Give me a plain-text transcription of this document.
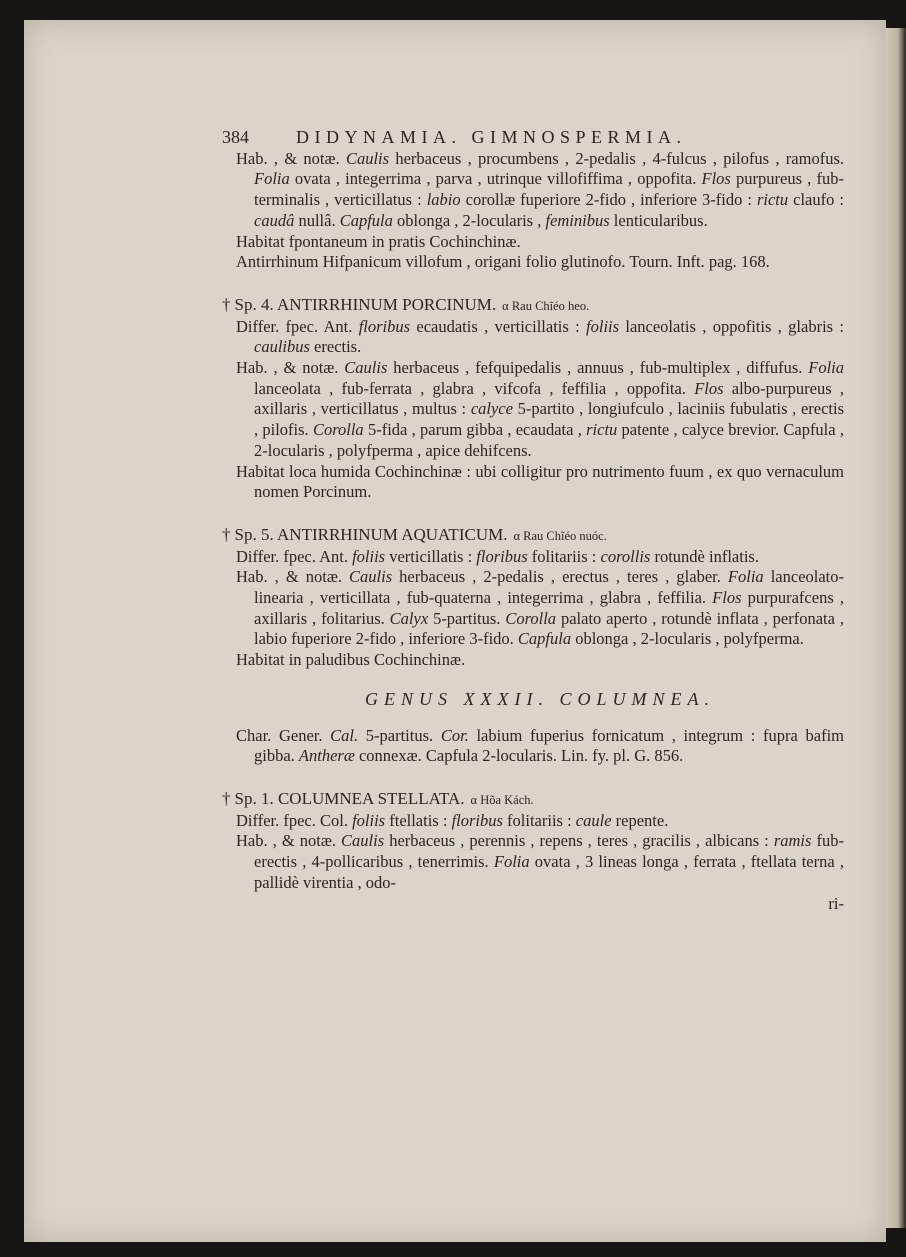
384	DIDYNAMIA. GIMNOSPERMIA.

Hab. , & notæ. Caulis herbaceus , procumbens , 2-pedalis , 4-fulcus , pilofus , ramofus. Folia ovata , integerrima , parva , utrinque villofiffima , oppofita. Flos purpureus , fub-terminalis , verticillatus : labio corollæ fuperiore 2-fido , inferiore 3-fido : rictu claufo : caudâ nullâ. Capfula oblonga , 2-locularis , feminibus lenticularibus.

Habitat fpontaneum in pratis Cochinchinæ.

Antirrhinum Hifpanicum villofum , origani folio glutinofo. Tourn. Inft. pag. 168.

† Sp. 4. ANTIRRHINUM PORCINUM. α Rau Chĩéo heo.

Differ. fpec. Ant. floribus ecaudatis , verticillatis : foliis lanceolatis , oppofitis , glabris : caulibus erectis.

Hab. , & notæ. Caulis herbaceus , fefquipedalis , annuus , fub-multiplex , diffufus. Folia lanceolata , fub-ferrata , glabra , vifcofa , feffilia , oppofita. Flos albo-purpureus , axillaris , verticillatus , multus : calyce 5-partito , longiufculo , laciniis fubulatis , erectis , pilofis. Corolla 5-fida , parum gibba , ecaudata , rictu patente , calyce brevior. Capfula , 2-locularis , polyfperma , apice dehifcens.

Habitat loca humida Cochinchinæ : ubi colligitur pro nutrimento fuum , ex quo vernaculum nomen Porcinum.

† Sp. 5. ANTIRRHINUM AQUATICUM. α Rau Chĩéo nuóc.

Differ. fpec. Ant. foliis verticillatis : floribus folitariis : corollis rotundè inflatis.

Hab. , & notæ. Caulis herbaceus , 2-pedalis , erectus , teres , glaber. Folia lanceolato-linearia , verticillata , fub-quaterna , integerrima , glabra , feffilia. Flos purpurafcens , axillaris , folitarius. Calyx 5-partitus. Corolla palato aperto , rotundè inflata , perfonata , labio fuperiore 2-fido , inferiore 3-fido. Capfula oblonga , 2-locularis , polyfperma.

Habitat in paludibus Cochinchinæ.

GENUS XXXII. COLUMNEA.

Char. Gener. Cal. 5-partitus. Cor. labium fuperius fornicatum , integrum : fupra bafim gibba. Antheræ connexæ. Capfula 2-locularis. Lin. fy. pl. G. 856.

† Sp. 1. COLUMNEA STELLATA. α Hõa Kách.

Differ. fpec. Col. foliis ftellatis : floribus folitariis : caule repente.

Hab. , & notæ. Caulis herbaceus , perennis , repens , teres , gracilis , albicans : ramis fub-erectis , 4-pollicaribus , tenerrimis. Folia ovata , 3 lineas longa , ferrata , ftellata terna , pallidè virentia , odo-

ri-
